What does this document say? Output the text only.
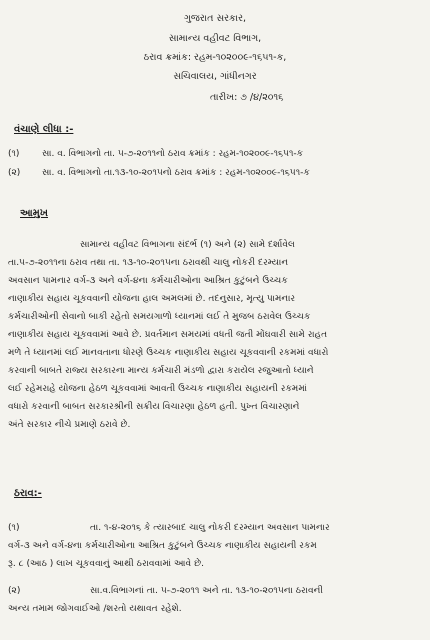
ગુજરાત સરકાર,
સામાન્ય વહીવટ વિભાગ,
ઠરાવ ક્રમાંક: રહમ-૧૦૨૦૦૯-૧૬૫૧-ક,
સચિવાલય, ગાંધીનગર
તારીખ: ૭ /૪/૨૦૧૬
વંચાણે લીધા :-
(૧)	સા. વ. વિભાગનો તા. ૫-૭-૨૦૧૧નો ઠરાવ ક્રમાંક : રહમ-૧૦૨૦૦૯-૧૬૫૧-ક
(૨) સા. વ. વિભાગનો તા.૧૩-૧૦-૨૦૧૫નો ઠરાવ ક્રમાંક : રહમ-૧૦૨૦૦૯-૧૬૫૧-ક
આમુખ
સામાન્ય વહીવટ વિભાગના સંદર્ભ (૧) અને (૨) સામે દર્શાવેલ
તા.૫-૭-૨૦૧૧ના ઠરાવ તથા તા. ૧૩-૧૦-૨૦૧૫ના ઠરાવથી ચાલુ નોકરી દરમ્યાન
અવસાન પામનાર વર્ગ-૩ અને વર્ગ-૪ના કર્મચારીઓના આશ્રિત કુટુંબને ઉચ્ચક
નાણાકીય સહાય ચૂકવવાની યોજના હાલ અમલમાં છે. તદનુસાર, મૃત્યુ પામનાર
કર્મચારીઓની સેવાનો બાકી રહેતો સમયગાળો ધ્યાનમાં લઈ તે મુજબ ઠરાવેલ ઉચ્ચક
નાણાકીય સહાય ચૂકવવામાં આવે છે. પ્રવર્તમાન સમયમાં વધતી જતી મોંઘવારી સામે રાહત
મળે તે ધ્યાનમાં લઈ માનવતાના ધોરણે ઉચ્ચક નાણાકીય સહાય ચૂકવવાની રકમમાં વધારો
કરવાની બાબતે રાજ્ય સરકારના માન્ય કર્મચારી મંડળો દ્વારા કરાયેલ રજુઆતો ધ્યાને
લઈ રહેમરાહે યોજના હેઠળ ચૂકવવામાં આવતી ઉચ્ચક નાણાકીય સહાયની રકમમાં
વધારો કરવાની બાબત સરકારશ્રીની સક્રીય વિચારણા હેઠળ હતી. પુખ્ત વિચારણાને
અંતે સરકાર નીચે પ્રમાણે ઠરાવે છે.
ઠરાવ:-
(૧)	તા. ૧-૪-૨૦૧૬ કે ત્યારબાદ ચાલુ નોકરી દરમ્યાન અવસાન પામનાર
વર્ગ-૩ અને વર્ગ-૪ના કર્મચારીઓના આશ્રિત કુટુંબને ઉચ્ચક નાણાકીય સહાયની રકમ
રૂ. ૮ (આઠ ) લાખ ચૂકવવાનું આથી ઠરાવવામાં આવે છે.
(૨)	સા.વ.વિભાગનાં તા. ૫-૭-૨૦૧૧ અને તા. ૧૩-૧૦-૨૦૧૫ના ઠરાવની
અન્ય તમામ જોગવાઈઓ /શરતો યથાવત રહેશે.
